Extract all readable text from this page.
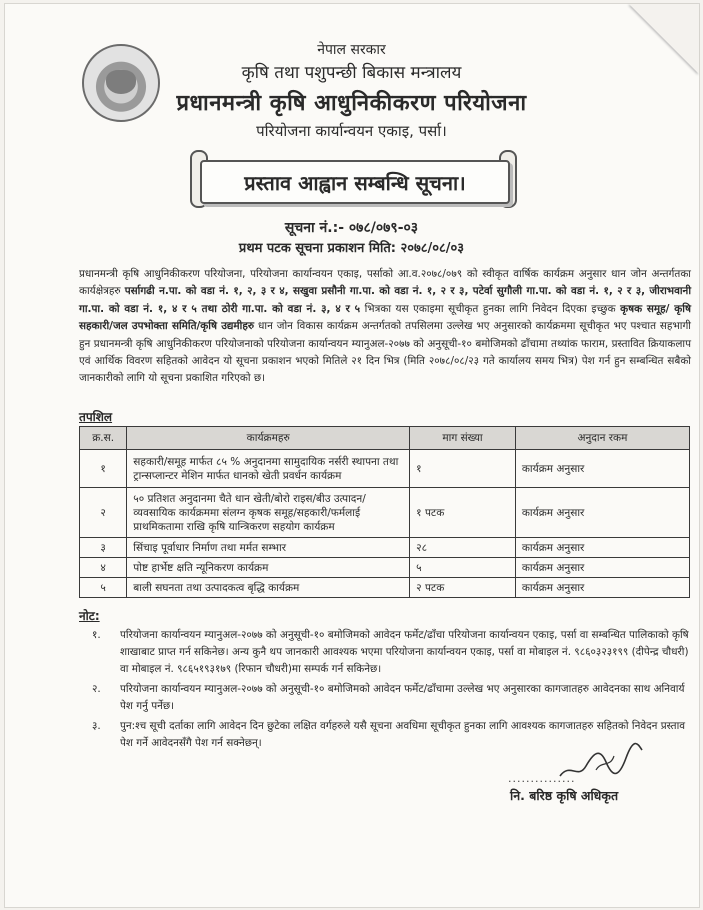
नेपाल सरकार
कृषि तथा पशुपन्छी बिकास मन्त्रालय
प्रधानमन्त्री कृषि आधुनिकीकरण परियोजना
परियोजना कार्यान्वयन एकाइ, पर्सा।
प्रस्ताव आह्वान सम्बन्धि सूचना।
सूचना नं.:- ०७८/०७९-०३
प्रथम पटक सूचना प्रकाशन मिति: २०७८/०८/०३
प्रधानमन्त्री कृषि आधुनिकीकरण परियोजना, परियोजना कार्यान्वयन एकाइ, पर्साको आ.व.२०७८/०७९ को स्वीकृत वार्षिक कार्यक्रम अनुसार धान जोन अन्तर्गतका कार्यक्षेत्रहरु पर्सागढी न.पा. को वडा नं. १, २, ३ र ४, सखुवा प्रसौनी गा.पा. को वडा नं. १, २ र ३, पटेर्वा सुगौली गा.पा. को वडा नं. १, २ र ३, जीराभवानी गा.पा. को वडा नं. १, ४ र ५ तथा ठोरी गा.पा. को वडा नं. ३, ४ र ५ भित्रका यस एकाइमा सूचीकृत हुनका लागि निवेदन दिएका इच्छुक कृषक समूह/ कृषि सहकारी/जल उपभोक्ता समिति/कृषि उद्यमीहरु धान जोन विकास कार्यक्रम अन्तर्गतको तपसिलमा उल्लेख भए अनुसारको कार्यक्रममा सूचीकृत भए पश्चात सहभागी हुन प्रधानमन्त्री कृषि आधुनिकीकरण परियोजनाको परियोजना कार्यान्वयन म्यानुअल-२०७७ को अनुसूची-१० बमोजिमको ढाँचामा तथ्यांक फाराम, प्रस्तावित क्रियाकलाप एवं आर्थिक विवरण सहितको आवेदन यो सूचना प्रकाशन भएको मितिले २१ दिन भित्र (मिति २०७८/०८/२३ गते कार्यालय समय भित्र) पेश गर्न हुन सम्बन्धित सबैको जानकारीको लागि यो सूचना प्रकाशित गरिएको छ।
तपशिल
क्र.स.	कार्यक्रमहरु	माग संख्या	अनुदान रकम
१	सहकारी/समूह मार्फत ८५ % अनुदानमा सामुदायिक नर्सरी स्थापना तथा ट्रान्सप्लान्टर मेशिन मार्फत धानको खेती प्रवर्धन कार्यक्रम	१	कार्यक्रम अनुसार
२	५० प्रतिशत अनुदानमा चैते धान खेती/बोरो राइस/बीउ उत्पादन/व्यवसायिक कार्यक्रममा संलग्न कृषक समूह/सहकारी/फर्मलाई प्राथमिकतामा राखि कृषि यान्त्रिकरण सहयोग कार्यक्रम	१ पटक	कार्यक्रम अनुसार
३	सिंचाइ पूर्वाधार निर्माण तथा मर्मत सम्भार	२८	कार्यक्रम अनुसार
४	पोष्ट हार्भेष्ट क्षति न्यूनिकरण कार्यक्रम	५	कार्यक्रम अनुसार
५	बाली सघनता तथा उत्पादकत्व बृद्धि कार्यक्रम	२ पटक	कार्यक्रम अनुसार
नोट:
१.	परियोजना कार्यान्वयन म्यानुअल-२०७७ को अनुसूची-१० बमोजिमको आवेदन फर्मेट/ढाँचा परियोजना कार्यान्वयन एकाइ, पर्सा वा सम्बन्धित पालिकाको कृषि शाखाबाट प्राप्त गर्न सकिनेछ। अन्य कुनै थप जानकारी आवश्यक भएमा परियोजना कार्यान्वयन एकाइ, पर्सा वा मोबाइल नं. ९८६०३२३१९९ (दीपेन्द्र चौधरी) वा मोबाइल नं. ९८६५१९३१७९ (रिफान चौधरी)मा सम्पर्क गर्न सकिनेछ।
२.	परियोजना कार्यान्वयन म्यानुअल-२०७७ को अनुसूची-१० बमोजिमको आवेदन फर्मेट/ढाँचामा उल्लेख भए अनुसारका कागजातहरु आवेदनका साथ अनिवार्य पेश गर्नु पर्नेछ।
३.	पुन:श्च सूची दर्ताका लागि आवेदन दिन छुटेका लक्षित वर्गहरुले यसै सूचना अवधिमा सूचीकृत हुनका लागि आवश्यक कागजातहरु सहितको निवेदन प्रस्ताव पेश गर्ने आवेदनसँगै पेश गर्न सक्नेछन्।
...............
नि. बरिष्ठ कृषि अधिकृत
